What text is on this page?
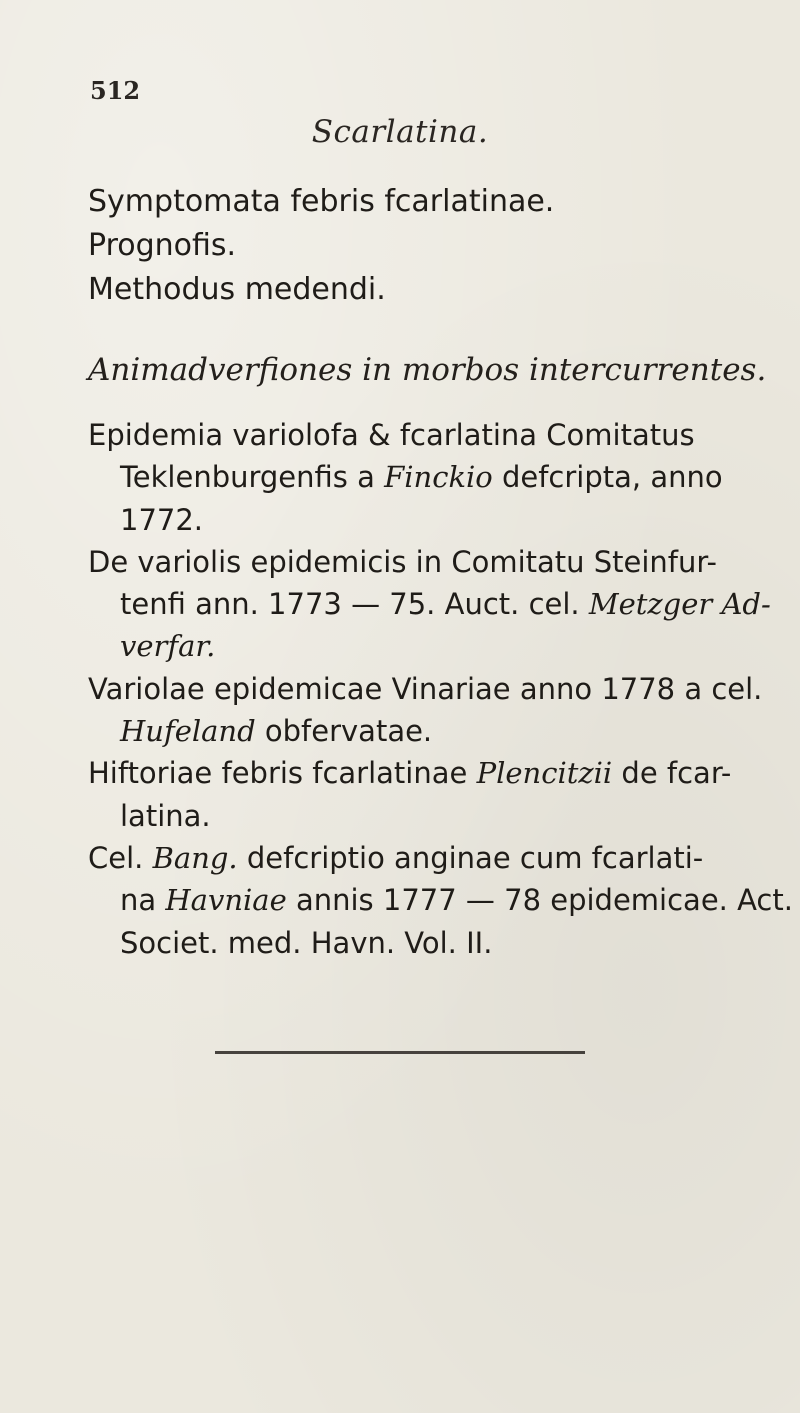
512
Scarlatina.
Symptomata febris fcarlatinae.
Prognofis.
Methodus medendi.
Animadverfiones in morbos intercurrentes.
Epidemia variolofa & fcarlatina Comitatus
Teklenburgenfis a Finckio defcripta, anno
1772.
De variolis epidemicis in Comitatu Steinfur-
tenfi ann. 1773 — 75. Auct. cel. Metzger Ad-
verfar.
Variolae epidemicae Vinariae anno 1778 a cel.
Hufeland obfervatae.
Hiftoriae febris fcarlatinae Plencitzii de fcar-
latina.
Cel. Bang. defcriptio anginae cum fcarlati-
na Havniae annis 1777 — 78 epidemicae. Act.
Societ. med. Havn. Vol. II.
